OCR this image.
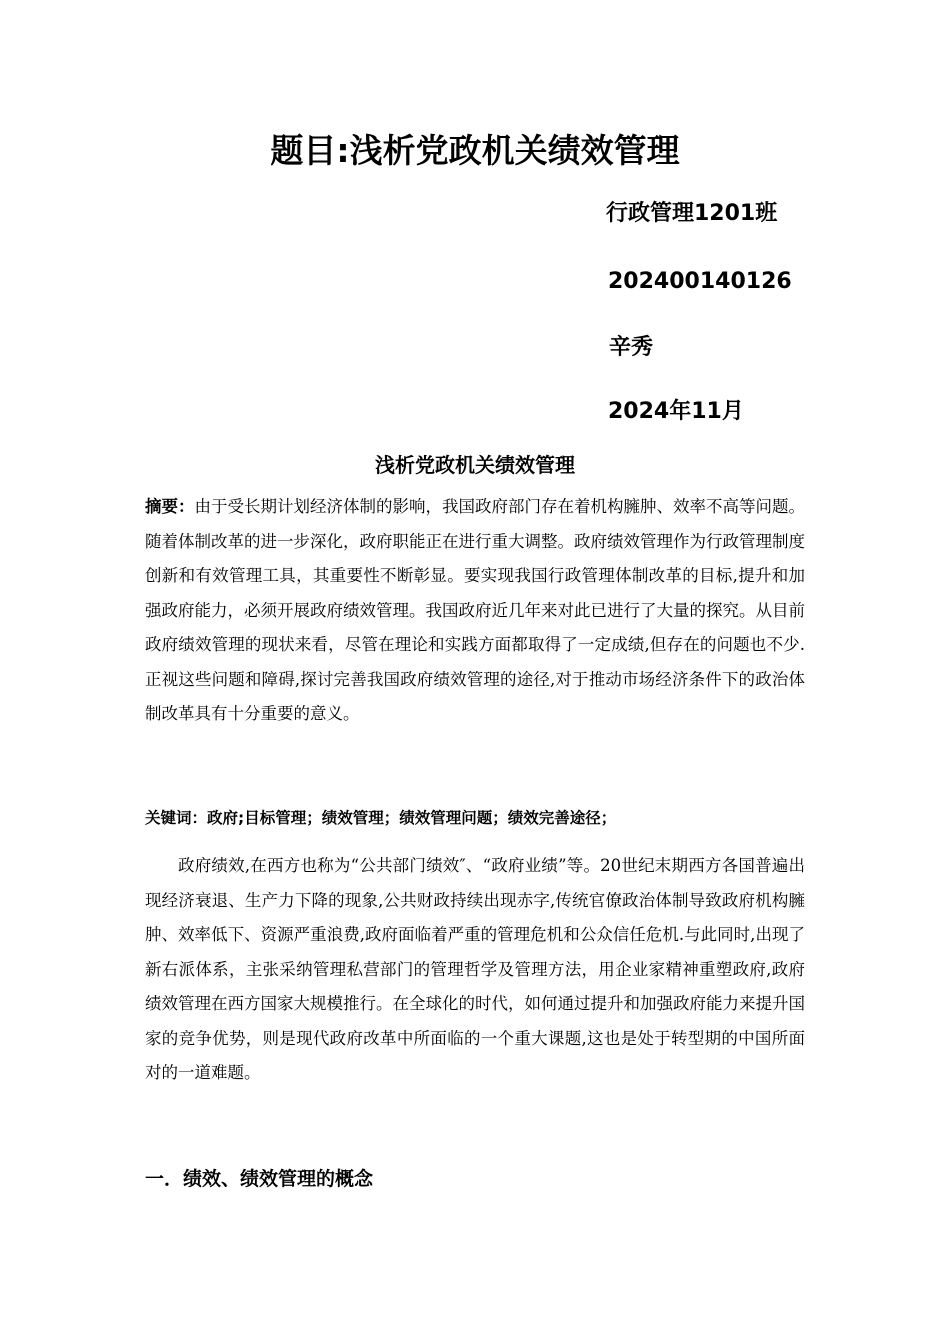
题目:浅析党政机关绩效管理

行政管理1201班

202400140126

辛秀

2024年11月

浅析党政机关绩效管理

摘要：由于受长期计划经济体制的影响，我国政府部门存在着机构臃肿、效率不高等问题。随着体制改革的进一步深化，政府职能正在进行重大调整。政府绩效管理作为行政管理制度创新和有效管理工具，其重要性不断彰显。要实现我国行政管理体制改革的目标,提升和加强政府能力，必须开展政府绩效管理。我国政府近几年来对此已进行了大量的探究。从目前政府绩效管理的现状来看，尽管在理论和实践方面都取得了一定成绩,但存在的问题也不少.正视这些问题和障碍,探讨完善我国政府绩效管理的途径,对于推动市场经济条件下的政治体制改革具有十分重要的意义。

关键词：政府;目标管理；绩效管理；绩效管理问题；绩效完善途径；

政府绩效,在西方也称为“公共部门绩效″、“政府业绩”等。20世纪末期西方各国普遍出现经济衰退、生产力下降的现象,公共财政持续出现赤字,传统官僚政治体制导致政府机构臃肿、效率低下、资源严重浪费,政府面临着严重的管理危机和公众信任危机.与此同时,出现了新右派体系，主张采纳管理私营部门的管理哲学及管理方法，用企业家精神重塑政府,政府绩效管理在西方国家大规模推行。在全球化的时代，如何通过提升和加强政府能力来提升国家的竞争优势，则是现代政府改革中所面临的一个重大课题,这也是处于转型期的中国所面对的一道难题。

一．绩效、绩效管理的概念
